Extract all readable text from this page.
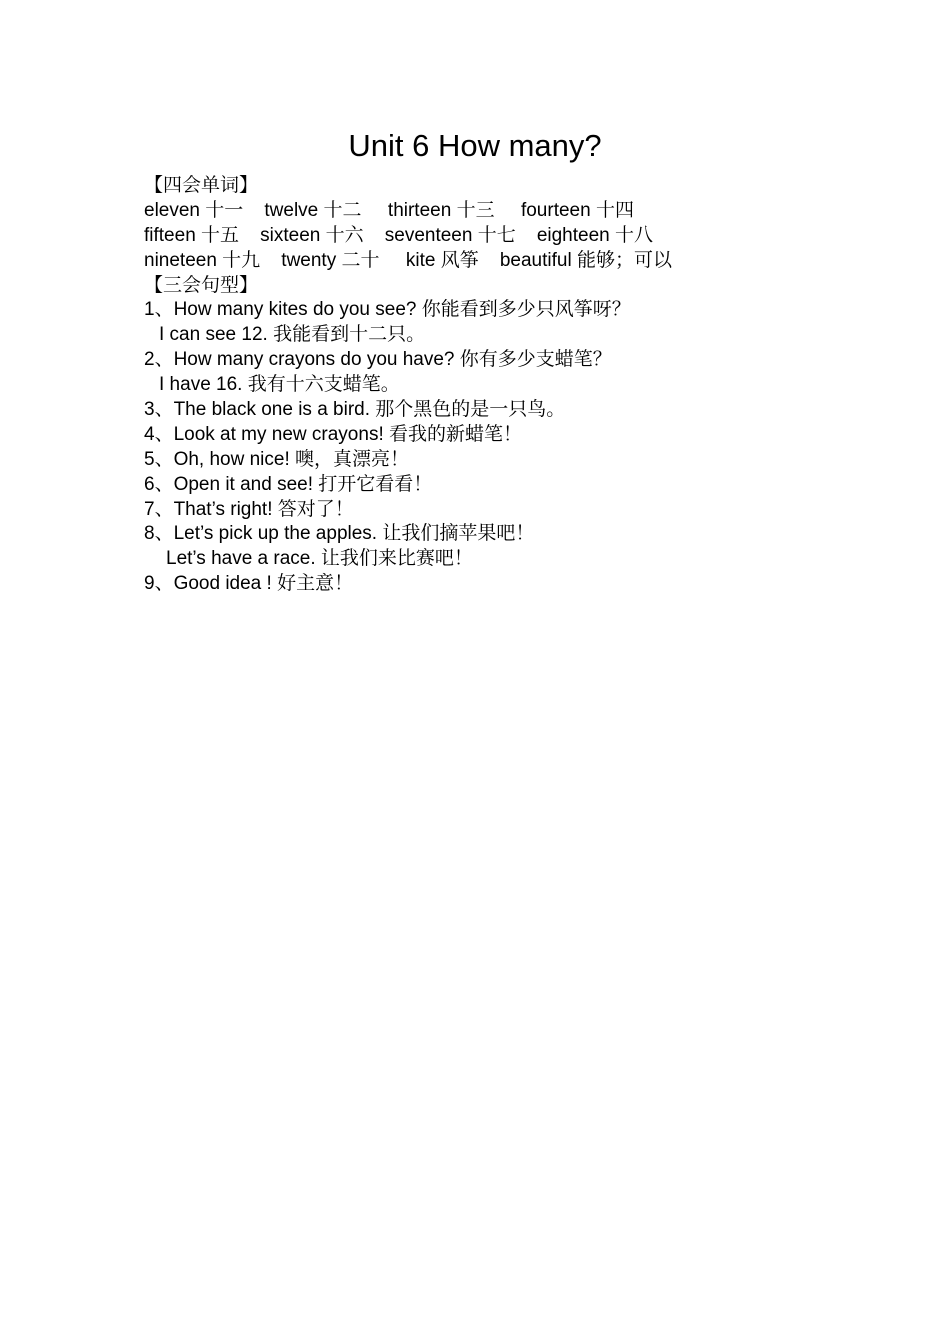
Unit 6 How many?
【四会单词】
eleven 十一    twelve 十二     thirteen 十三     fourteen 十四
fifteen 十五    sixteen 十六    seventeen 十七    eighteen 十八
nineteen 十九    twenty 二十     kite 风筝    beautiful 能够；可以
【三会句型】
1、How many kites do you see? 你能看到多少只风筝呀？
I can see 12. 我能看到十二只。
2、How many crayons do you have? 你有多少支蜡笔？
I have 16. 我有十六支蜡笔。
3、The black one is a bird. 那个黑色的是一只鸟。
4、Look at my new crayons! 看我的新蜡笔！
5、Oh, how nice! 噢，真漂亮！
6、Open it and see! 打开它看看！
7、That’s right! 答对了！
8、Let’s pick up the apples. 让我们摘苹果吧！
Let’s have a race. 让我们来比赛吧！
9、Good idea ! 好主意！
